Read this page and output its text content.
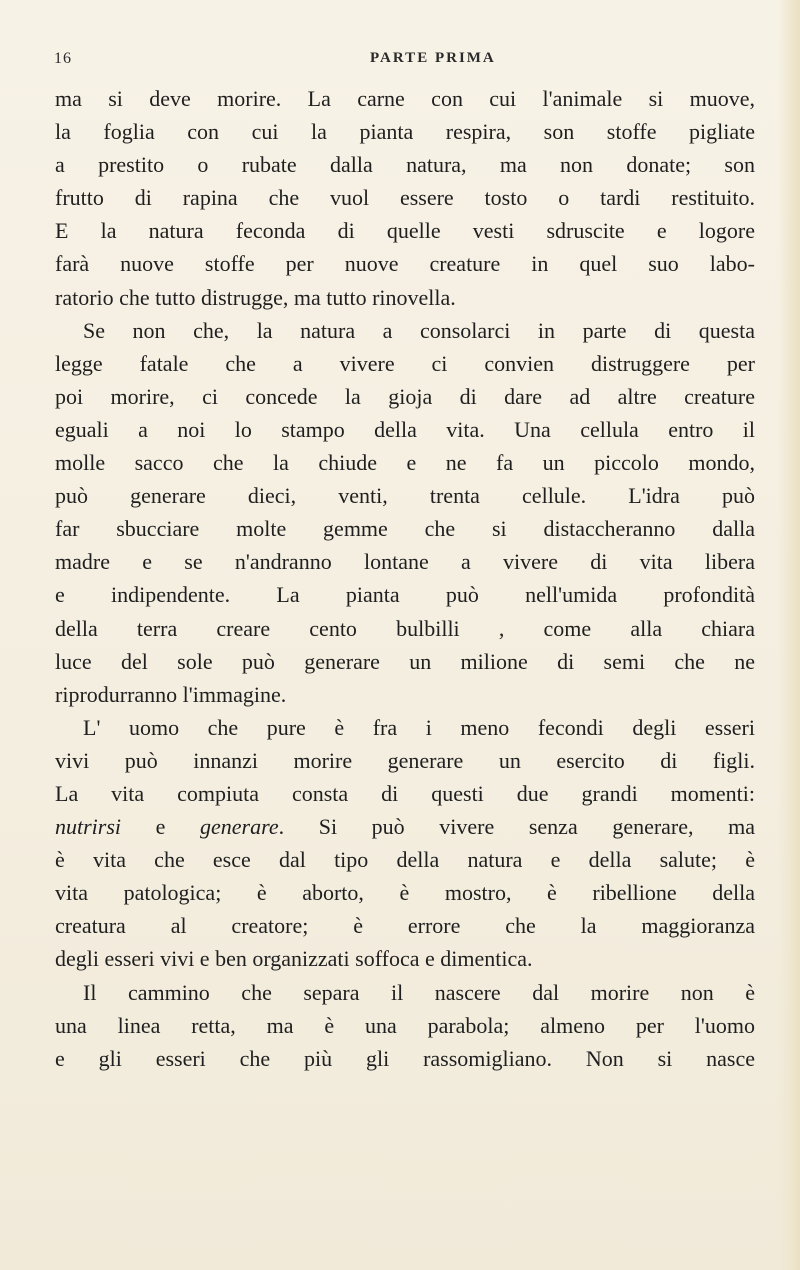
16	PARTE PRIMA
ma si deve morire. La carne con cui l'animale si muove,
la foglia con cui la pianta respira, son stoffe pigliate
a prestito o rubate dalla natura, ma non donate; son
frutto di rapina che vuol essere tosto o tardi restituito.
E la natura feconda di quelle vesti sdruscite e logore
farà nuove stoffe per nuove creature in quel suo labo-
ratorio che tutto distrugge, ma tutto rinovella.
Se non che, la natura a consolarci in parte di questa
legge fatale che a vivere ci convien distruggere per
poi morire, ci concede la gioja di dare ad altre creature
eguali a noi lo stampo della vita. Una cellula entro il
molle sacco che la chiude e ne fa un piccolo mondo,
può generare dieci, venti, trenta cellule. L'idra può
far sbucciare molte gemme che si distaccheranno dalla
madre e se n'andranno lontane a vivere di vita libera
e indipendente. La pianta può nell'umida profondità
della terra creare cento bulbilli , come alla chiara
luce del sole può generare un milione di semi che ne
riprodurranno l'immagine.
L' uomo che pure è fra i meno fecondi degli esseri
vivi può innanzi morire generare un esercito di figli.
La vita compiuta consta di questi due grandi momenti:
nutrirsi e generare. Si può vivere senza generare, ma
è vita che esce dal tipo della natura e della salute; è
vita patologica; è aborto, è mostro, è ribellione della
creatura al creatore; è errore che la maggioranza
degli esseri vivi e ben organizzati soffoca e dimentica.
Il cammino che separa il nascere dal morire non è
una linea retta, ma è una parabola; almeno per l'uomo
e gli esseri che più gli rassomigliano. Non si nasce
